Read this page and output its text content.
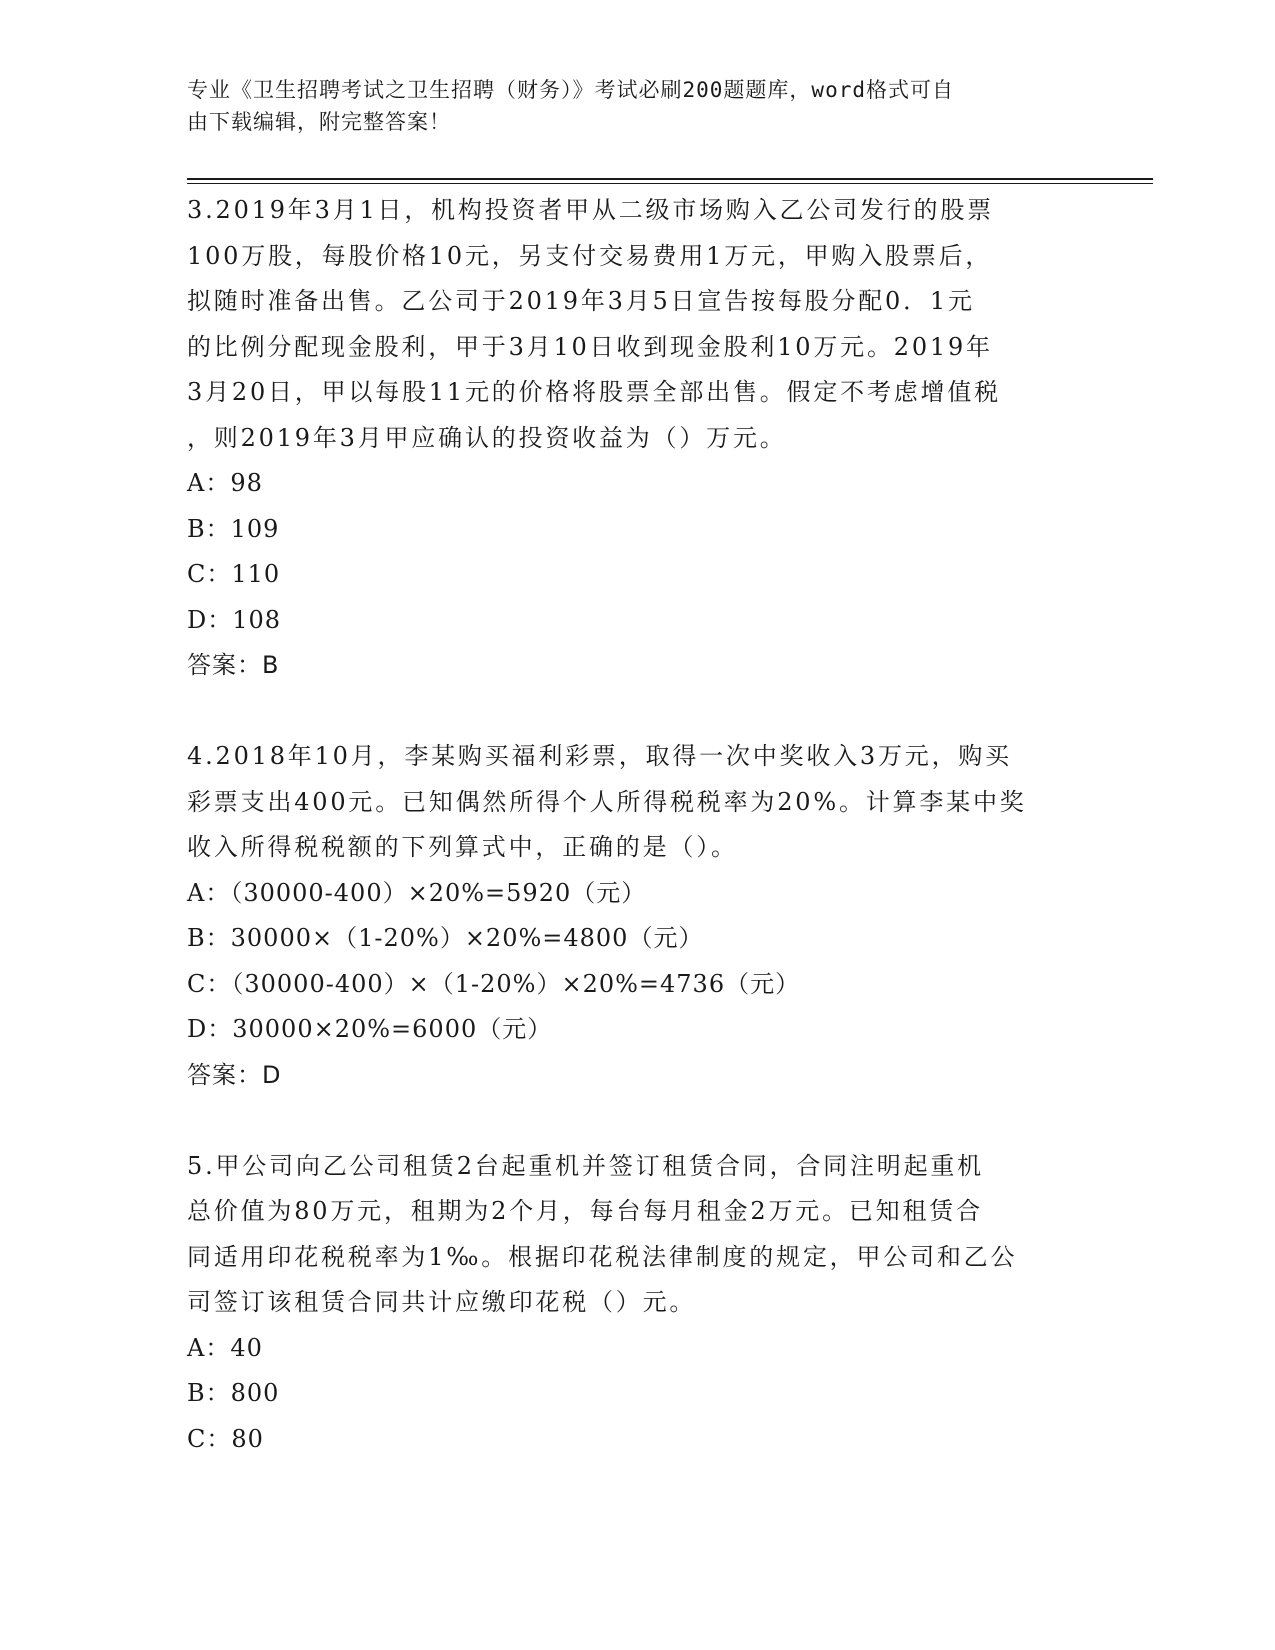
专业《卫生招聘考试之卫生招聘（财务）》考试必刷200题题库，word格式可自
由下载编辑，附完整答案！
3.2019年3月1日，机构投资者甲从二级市场购入乙公司发行的股票
100万股，每股价格10元，另支付交易费用1万元，甲购入股票后，
拟随时准备出售。乙公司于2019年3月5日宣告按每股分配0．1元
的比例分配现金股利，甲于3月10日收到现金股利10万元。2019年
3月20日，甲以每股11元的价格将股票全部出售。假定不考虑增值税
，则2019年3月甲应确认的投资收益为（）万元。
A：98
B：109
C：110
D：108
答案：B
4.2018年10月，李某购买福利彩票，取得一次中奖收入3万元，购买
彩票支出400元。已知偶然所得个人所得税税率为20%。计算李某中奖
收入所得税税额的下列算式中，正确的是（）。
A：（30000-400）×20%=5920（元）
B：30000×（1-20%）×20%=4800（元）
C：（30000-400）×（1-20%）×20%=4736（元）
D：30000×20%=6000（元）
答案：D
5.甲公司向乙公司租赁2台起重机并签订租赁合同，合同注明起重机
总价值为80万元，租期为2个月，每台每月租金2万元。已知租赁合
同适用印花税税率为1‰。根据印花税法律制度的规定，甲公司和乙公
司签订该租赁合同共计应缴印花税（）元。
A：40
B：800
C：80
